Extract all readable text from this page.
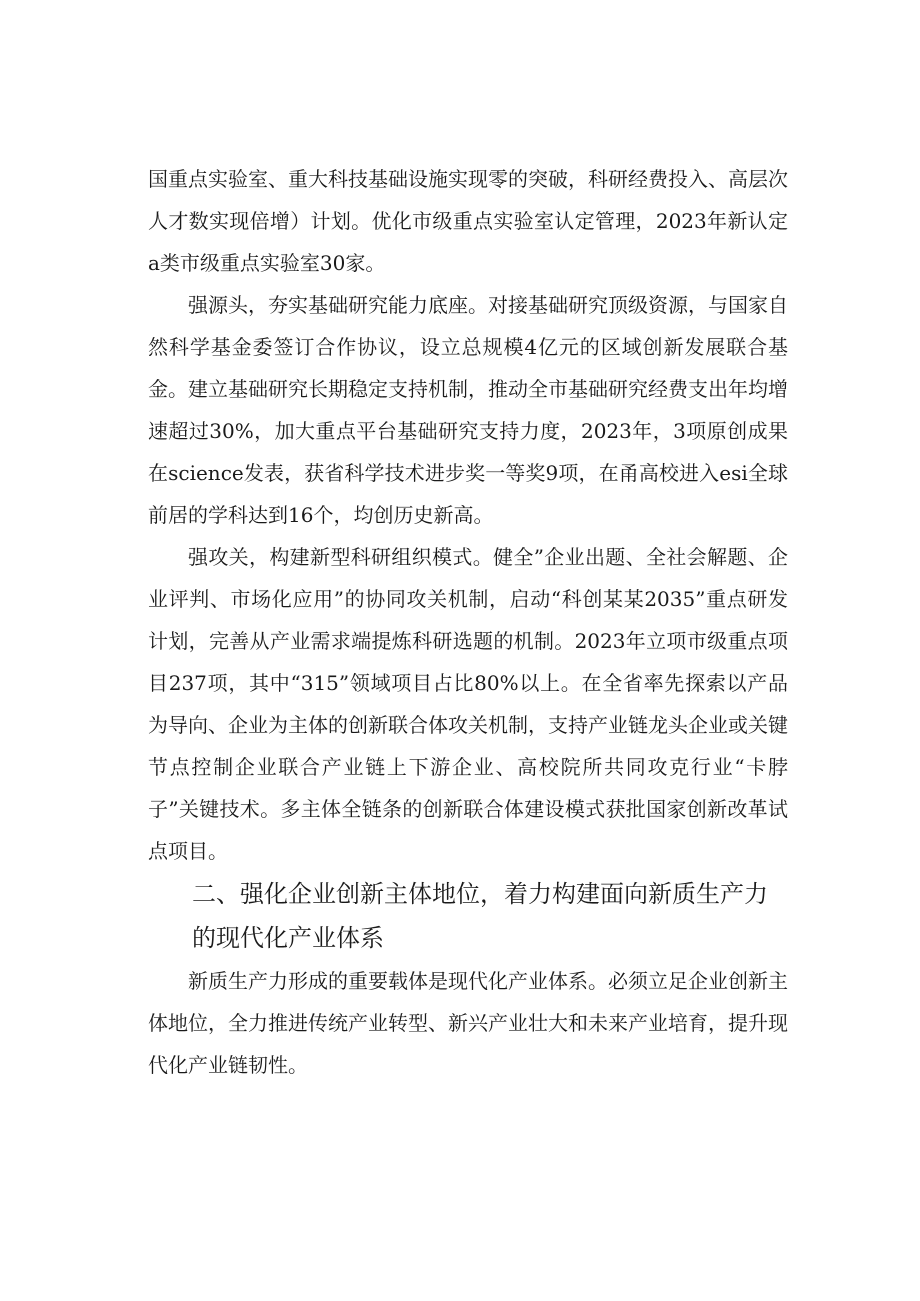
国重点实验室、重大科技基础设施实现零的突破，科研经费投入、高层次人才数实现倍增）计划。优化市级重点实验室认定管理，2023年新认定a类市级重点实验室30家。

强源头，夯实基础研究能力底座。对接基础研究顶级资源，与国家自然科学基金委签订合作协议，设立总规模4亿元的区域创新发展联合基金。建立基础研究长期稳定支持机制，推动全市基础研究经费支出年均增速超过30%，加大重点平台基础研究支持力度，2023年，3项原创成果在science发表，获省科学技术进步奖一等奖9项，在甬高校进入esi全球前居的学科达到16个，均创历史新高。

强攻关，构建新型科研组织模式。健全”企业出题、全社会解题、企业评判、市场化应用”的协同攻关机制，启动“科创某某2035”重点研发计划，完善从产业需求端提炼科研选题的机制。2023年立项市级重点项目237项，其中“315”领域项目占比80%以上。在全省率先探索以产品为导向、企业为主体的创新联合体攻关机制，支持产业链龙头企业或关键节点控制企业联合产业链上下游企业、高校院所共同攻克行业“卡脖子”关键技术。多主体全链条的创新联合体建设模式获批国家创新改革试点项目。

二、强化企业创新主体地位，着力构建面向新质生产力的现代化产业体系

新质生产力形成的重要载体是现代化产业体系。必须立足企业创新主体地位，全力推进传统产业转型、新兴产业壮大和未来产业培育，提升现代化产业链韧性。
